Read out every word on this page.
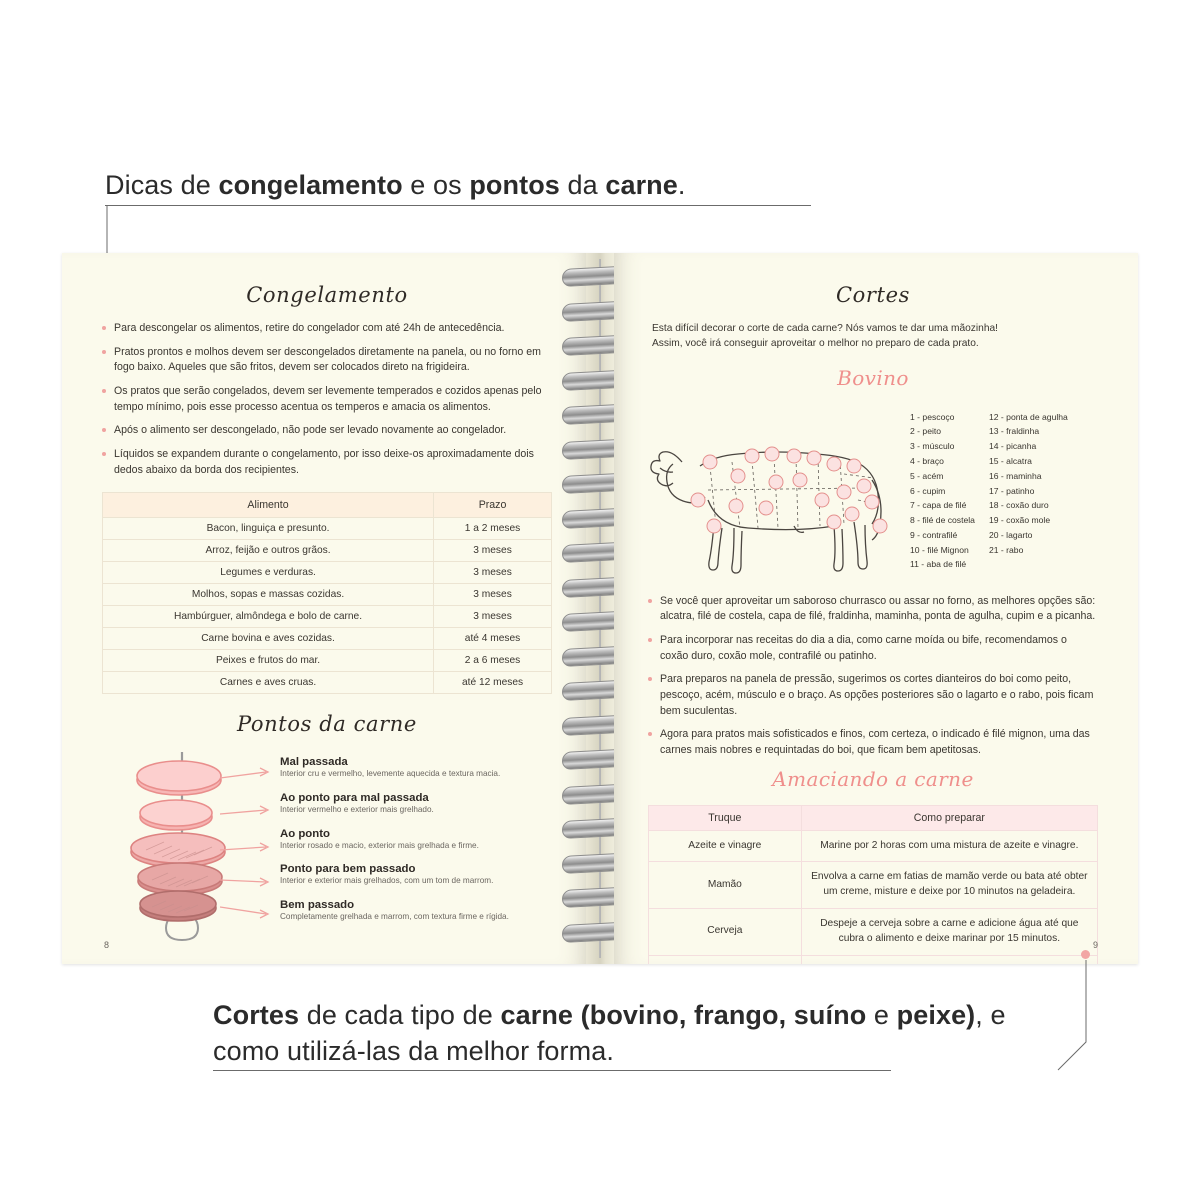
Dicas de congelamento e os pontos da carne.
Congelamento
Para descongelar os alimentos, retire do congelador com até 24h de antecedência.
Pratos prontos e molhos devem ser descongelados diretamente na panela, ou no forno em fogo baixo. Aqueles que são fritos, devem ser colocados direto na frigideira.
Os pratos que serão congelados, devem ser levemente temperados e cozidos apenas pelo tempo mínimo, pois esse processo acentua os temperos e amacia os alimentos.
Após o alimento ser descongelado, não pode ser levado novamente ao congelador.
Líquidos se expandem durante o congelamento, por isso deixe-os aproximadamente dois dedos abaixo da borda dos recipientes.
Alimento	Prazo
Bacon, linguiça e presunto.	1 a 2 meses
Arroz, feijão e outros grãos.	3 meses
Legumes e verduras.	3 meses
Molhos, sopas e massas cozidas.	3 meses
Hambúrguer, almôndega e bolo de carne.	3 meses
Carne bovina e aves cozidas.	até 4 meses
Peixes e frutos do mar.	2 a 6 meses
Carnes e aves cruas.	até 12 meses
Pontos da carne
Mal passada

Interior cru e vermelho, levemente aquecida e textura macia.

Ao ponto para mal passada

Interior vermelho e exterior mais grelhado.

Ao ponto

Interior rosado e macio, exterior mais grelhada e firme.

Ponto para bem passado

Interior e exterior mais grelhados, com um tom de marrom.

Bem passado

Completamente grelhada e marrom, com textura firme e rígida.

8
Cortes
Esta difícil decorar o corte de cada carne? Nós vamos te dar uma mãozinha!
Assim, você irá conseguir aproveitar o melhor no preparo de cada prato.
Bovino
1 - pescoço
2 - peito
3 - músculo
4 - braço
5 - acém
6 - cupim
7 - capa de filé
8 - filé de costela
9 - contrafilé
10 - filé Mignon
11 - aba de filé
12 - ponta de agulha
13 - fraldinha
14 - picanha
15 - alcatra
16 - maminha
17 - patinho
18 - coxão duro
19 - coxão mole
20 - lagarto
21 - rabo
Se você quer aproveitar um saboroso churrasco ou assar no forno, as melhores opções são: alcatra, filé de costela, capa de filé, fraldinha, maminha, ponta de agulha, cupim e a picanha.
Para incorporar nas receitas do dia a dia, como carne moída ou bife, recomendamos o coxão duro, coxão mole, contrafilé ou patinho.
Para preparos na panela de pressão, sugerimos os cortes dianteiros do boi como peito, pescoço, acém, músculo e o braço. As opções posteriores são o lagarto e o rabo, pois ficam bem suculentas.
Agora para pratos mais sofisticados e finos, com certeza, o indicado é filé mignon, uma das carnes mais nobres e requintadas do boi, que ficam bem apetitosas.
Amaciando a carne
Truque	Como preparar
Azeite e vinagre	Marine por 2 horas com uma mistura de azeite e vinagre.
Mamão	Envolva a carne em fatias de mamão verde ou bata até obter um creme, misture e deixe por 10 minutos na geladeira.
Cerveja	Despeje a cerveja sobre a carne e adicione água até que cubra o alimento e deixe marinar por 15 minutos.

9
Cortes de cada tipo de carne (bovino, frango, suíno e peixe), e como utilizá-las da melhor forma.
